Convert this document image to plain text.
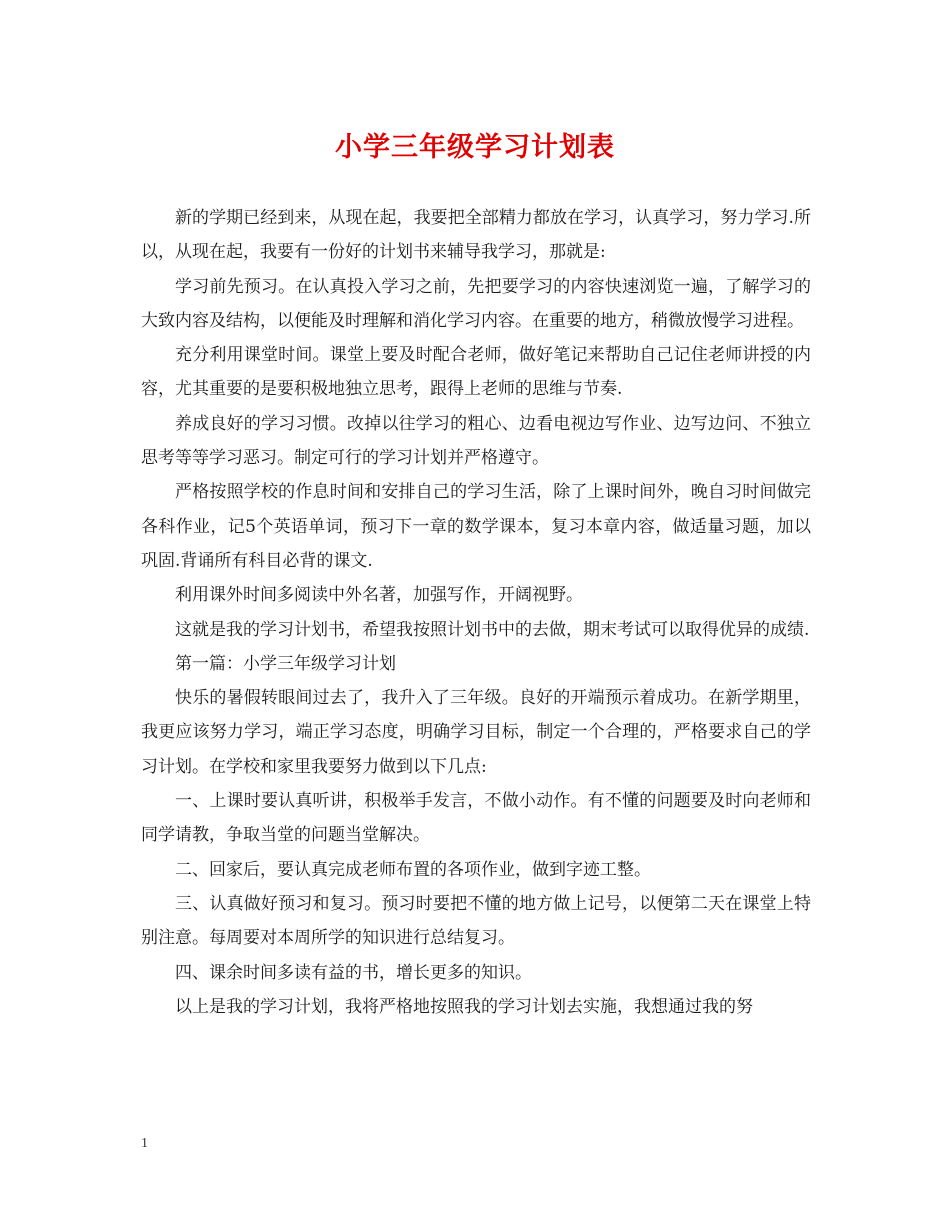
小学三年级学习计划表

新的学期已经到来，从现在起，我要把全部精力都放在学习，认真学习，努力学习.所以，从现在起，我要有一份好的计划书来辅导我学习，那就是:

学习前先预习。在认真投入学习之前，先把要学习的内容快速浏览一遍，了解学习的大致内容及结构，以便能及时理解和消化学习内容。在重要的地方，稍微放慢学习进程。

充分利用课堂时间。课堂上要及时配合老师，做好笔记来帮助自己记住老师讲授的内容，尤其重要的是要积极地独立思考，跟得上老师的思维与节奏.

养成良好的学习习惯。改掉以往学习的粗心、边看电视边写作业、边写边问、不独立思考等等学习恶习。制定可行的学习计划并严格遵守。

严格按照学校的作息时间和安排自己的学习生活，除了上课时间外，晚自习时间做完各科作业，记5个英语单词，预习下一章的数学课本，复习本章内容，做适量习题，加以巩固.背诵所有科目必背的课文.

利用课外时间多阅读中外名著，加强写作，开阔视野。

这就是我的学习计划书，希望我按照计划书中的去做，期末考试可以取得优异的成绩.

第一篇：小学三年级学习计划

快乐的暑假转眼间过去了，我升入了三年级。良好的开端预示着成功。在新学期里，我更应该努力学习，端正学习态度，明确学习目标，制定一个合理的，严格要求自己的学习计划。在学校和家里我要努力做到以下几点:

一、上课时要认真听讲，积极举手发言，不做小动作。有不懂的问题要及时向老师和同学请教，争取当堂的问题当堂解决。

二、回家后，要认真完成老师布置的各项作业，做到字迹工整。

三、认真做好预习和复习。预习时要把不懂的地方做上记号，以便第二天在课堂上特别注意。每周要对本周所学的知识进行总结复习。

四、课余时间多读有益的书，增长更多的知识。

以上是我的学习计划，我将严格地按照我的学习计划去实施，我想通过我的努

1
